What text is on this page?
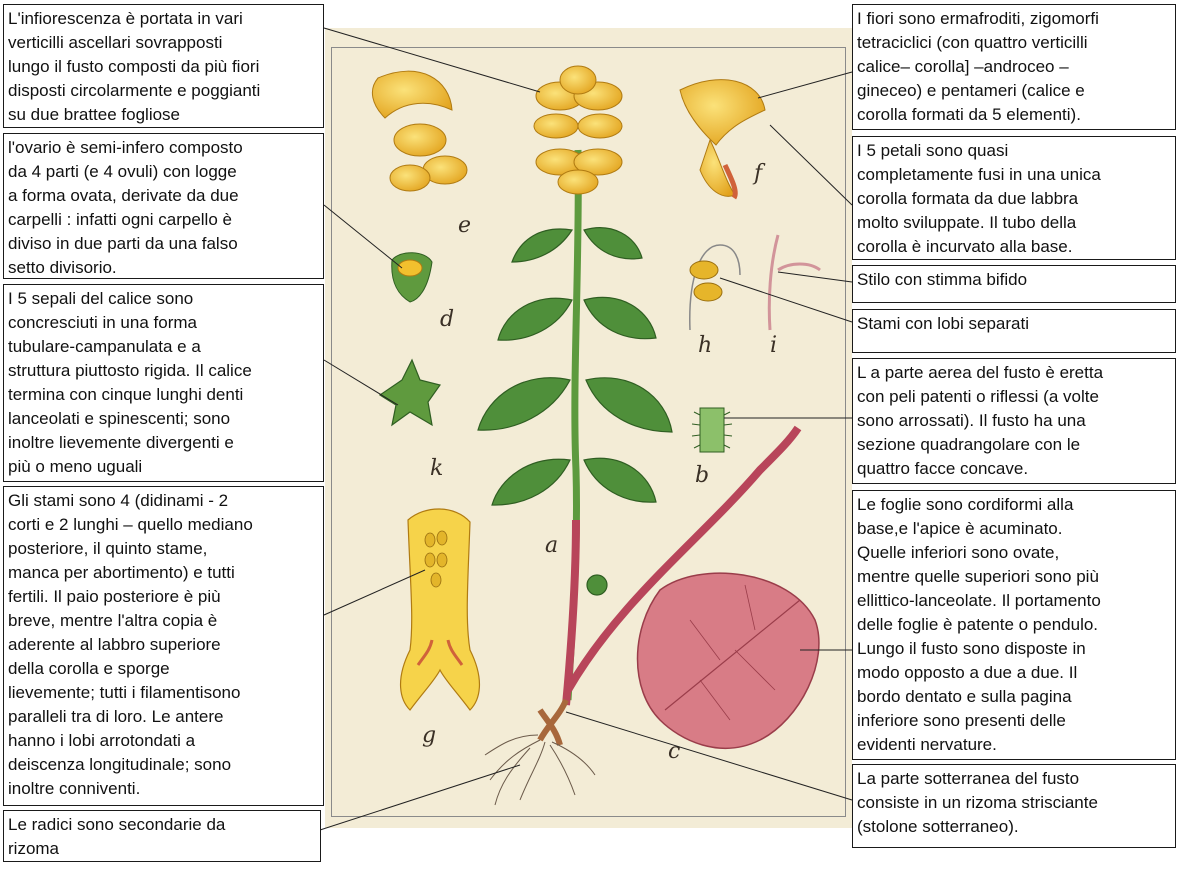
a
b
c
d
e
f
g
h	i
k
L'infiorescenza è portata in vari
verticilli ascellari sovrapposti
lungo il fusto composti da più fiori
disposti circolarmente e poggianti
su due brattee fogliose
l'ovario è semi-infero composto
da 4 parti (e 4 ovuli) con logge
a forma ovata, derivate da due
carpelli : infatti ogni carpello è
diviso in due parti da una falso
setto divisorio.
I 5 sepali del calice sono
concresciuti in una forma
tubulare-campanulata e a
struttura piuttosto rigida. Il calice
termina con cinque lunghi denti
lanceolati e spinescenti; sono
inoltre lievemente divergenti e
più o meno uguali
Gli stami sono 4 (didinami - 2
corti e 2 lunghi – quello mediano
posteriore, il quinto stame,
manca per abortimento) e tutti
fertili. Il paio posteriore è più
breve, mentre l'altra copia è
aderente al labbro superiore
della corolla e sporge
lievemente; tutti i filamentisono
paralleli tra di loro. Le antere
hanno i lobi arrotondati a
deiscenza longitudinale; sono
inoltre conniventi.
Le radici sono secondarie da
rizoma
I fiori sono ermafroditi, zigomorfi
tetraciclici (con quattro verticilli
calice– corolla] –androceo –
gineceo) e pentameri (calice e
corolla formati da 5 elementi).
I 5 petali sono quasi
completamente fusi in una unica
corolla formata da due labbra
molto sviluppate. Il tubo della
corolla è incurvato alla base.
Stilo con stimma bifido
Stami con lobi separati
L a parte aerea del fusto è eretta
con peli patenti o riflessi (a volte
sono arrossati). Il fusto ha una
sezione quadrangolare con le
quattro facce concave.
Le foglie sono cordiformi alla
base,e l'apice è acuminato.
Quelle inferiori sono ovate,
mentre quelle superiori sono più
ellittico-lanceolate. Il portamento
delle foglie è patente o pendulo.
Lungo il fusto sono disposte in
modo opposto a due a due. Il
bordo dentato e sulla pagina
inferiore sono presenti delle
evidenti nervature.
La parte sotterranea del fusto
consiste in un rizoma strisciante
(stolone sotterraneo).
